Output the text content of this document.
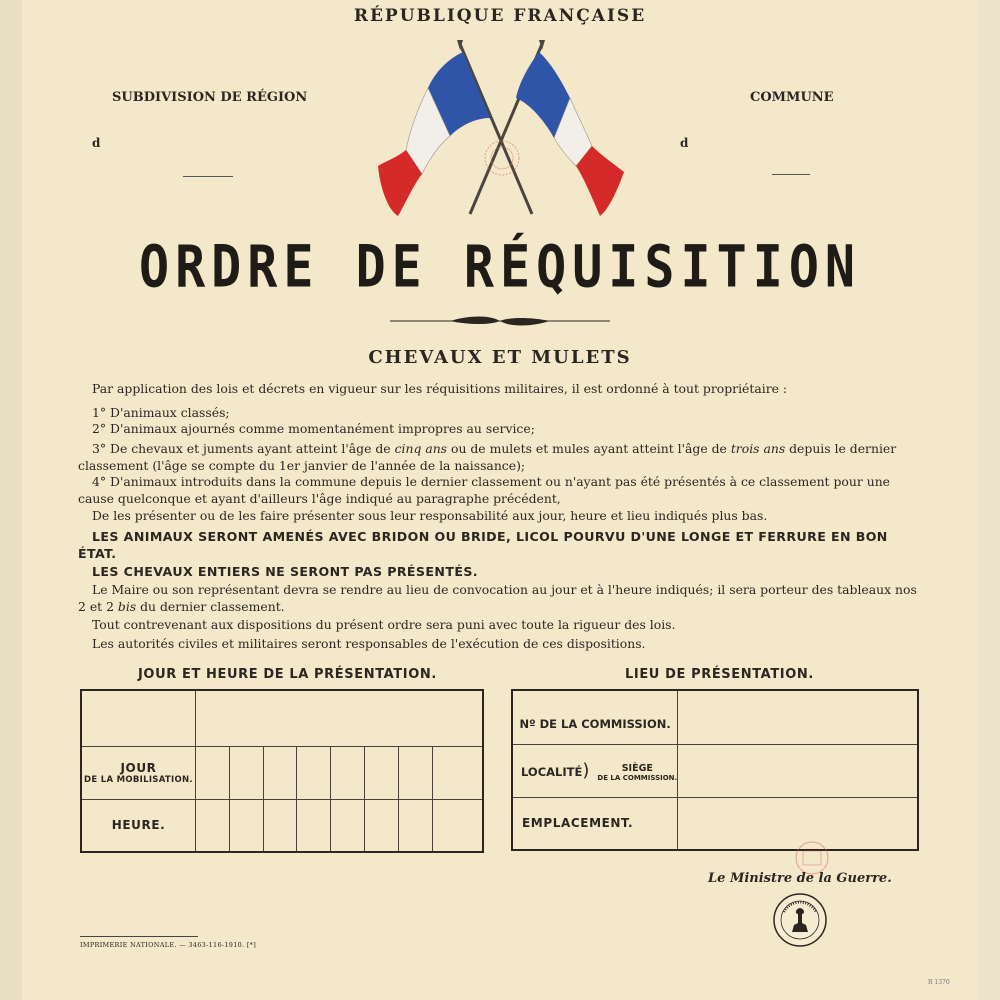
RÉPUBLIQUE FRANÇAISE
SUBDIVISION DE RÉGION	COMMUNE
d	d
ORDRE DE RÉQUISITION
CHEVAUX ET MULETS
Par application des lois et décrets en vigueur sur les réquisitions militaires, il est ordonné à tout propriétaire :
1° D'animaux classés;
2° D'animaux ajournés comme momentanément impropres au service;
3° De chevaux et juments ayant atteint l'âge de cinq ans ou de mulets et mules ayant atteint l'âge de trois ans depuis le dernier classement (l'âge se compte du 1er janvier de l'année de la naissance);
4° D'animaux introduits dans la commune depuis le dernier classement ou n'ayant pas été présentés à ce classement pour une cause quelconque et ayant d'ailleurs l'âge indiqué au paragraphe précédent,
De les présenter ou de les faire présenter sous leur responsabilité aux jour, heure et lieu indiqués plus bas.
LES ANIMAUX SERONT AMENÉS AVEC BRIDON OU BRIDE, LICOL POURVU D'UNE LONGE ET FERRURE EN BON ÉTAT.
LES CHEVAUX ENTIERS NE SERONT PAS PRÉSENTÉS.
Le Maire ou son représentant devra se rendre au lieu de convocation au jour et à l'heure indiqués; il sera porteur des tableaux nos 2 et 2 bis du dernier classement.
Tout contrevenant aux dispositions du présent ordre sera puni avec toute la rigueur des lois.
Les autorités civiles et militaires seront responsables de l'exécution de ces dispositions.
JOUR ET HEURE DE LA PRÉSENTATION.	LIEU DE PRÉSENTATION.

JOUR
DE LA MOBILISATION.								

HEURE.								
Nº DE LA COMMISSION.	
LOCALITÉ) SIÈGE
DE LA COMMISSION.	

EMPLACEMENT.	
Le Ministre de la Guerre.
IMPRIMERIE NATIONALE. — 3463-116-1910. [*]
R 1370
